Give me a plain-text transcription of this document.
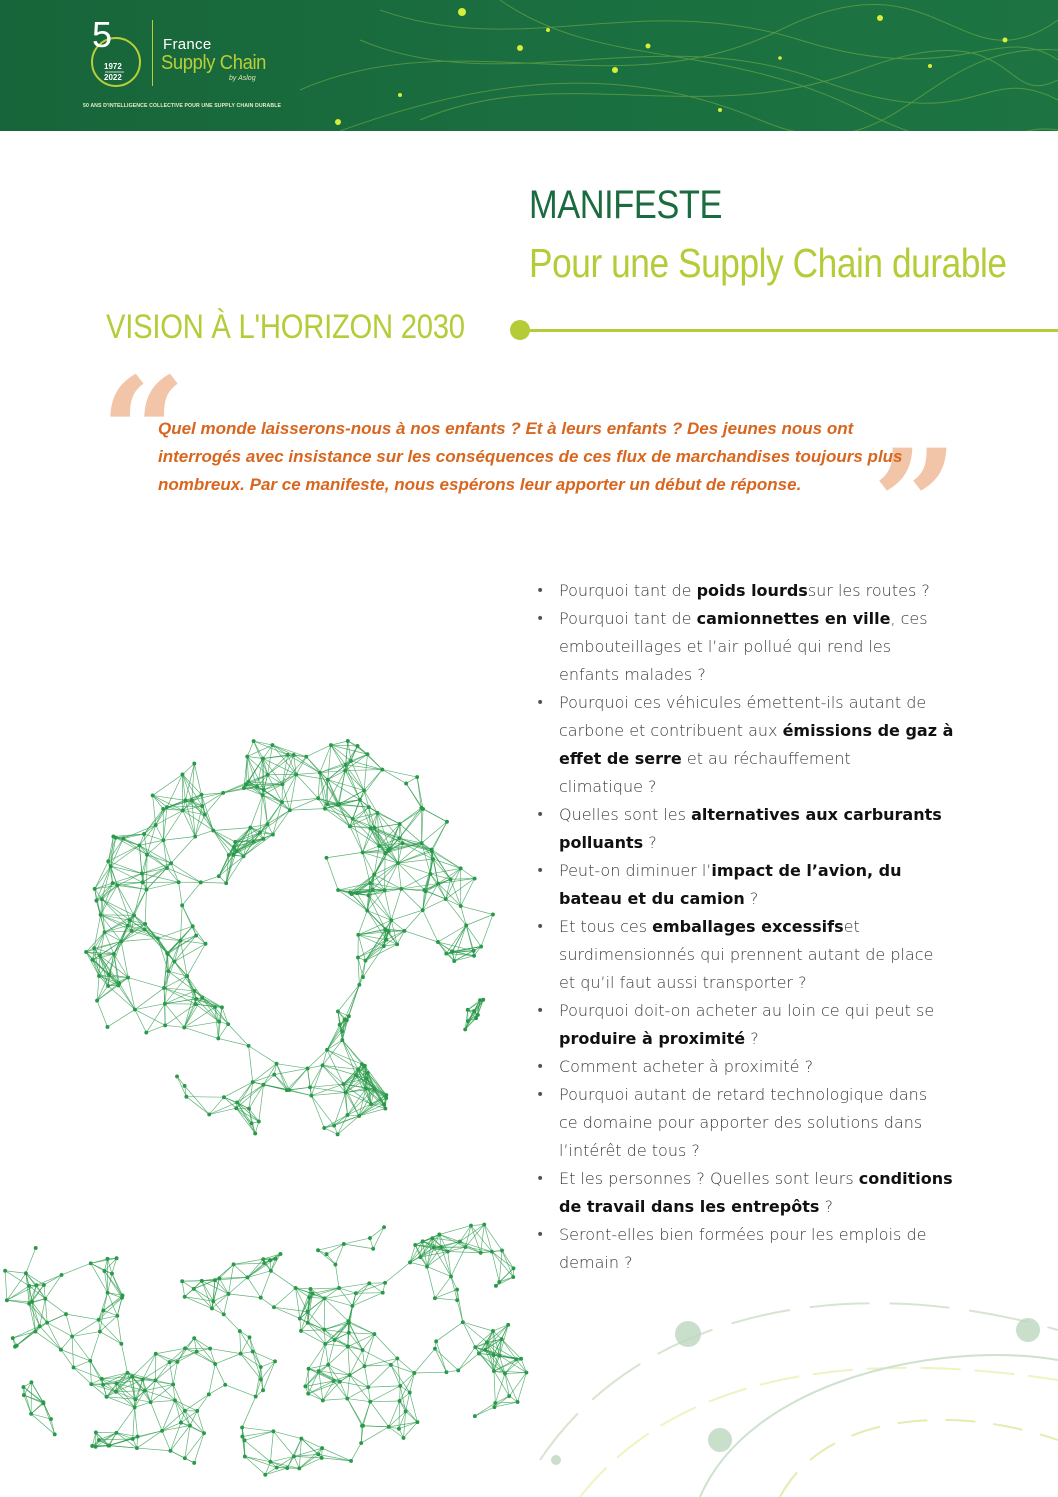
5
1972
2022
France
Supply Chain
by Aslog
50 ANS D'INTELLIGENCE COLLECTIVE POUR UNE SUPPLY CHAIN DURABLE
MANIFESTE
Pour une Supply Chain durable
VISION À L'HORIZON 2030
“	”
Quel monde laisserons-nous à nos enfants ? Et à leurs enfants ? Des jeunes nous ont
interrogés avec insistance sur les conséquences de ces flux de marchandises toujours plus
nombreux. Par ce manifeste, nous espérons leur apporter un début de réponse.
• Pourquoi tant de poids lourdssur les routes ?
• Pourquoi tant de camionnettes en ville, ces
embouteillages et l’air pollué qui rend les
enfants malades ?
• Pourquoi ces véhicules émettent-ils autant de
carbone et contribuent aux émissions de gaz à
effet de serre et au réchauffement
climatique ?
• Quelles sont les alternatives aux carburants
polluants ?
• Peut-on diminuer l’impact de l’avion, du
bateau et du camion ?
• Et tous ces emballages excessifset
surdimensionnés qui prennent autant de place
et qu’il faut aussi transporter ?
• Pourquoi doit-on acheter au loin ce qui peut se
produire à proximité ?
• Comment acheter à proximité ?
• Pourquoi autant de retard technologique dans
ce domaine pour apporter des solutions dans
l’intérêt de tous ?
• Et les personnes ? Quelles sont leurs conditions
de travail dans les entrepôts ?
• Seront-elles bien formées pour les emplois de
demain ?
